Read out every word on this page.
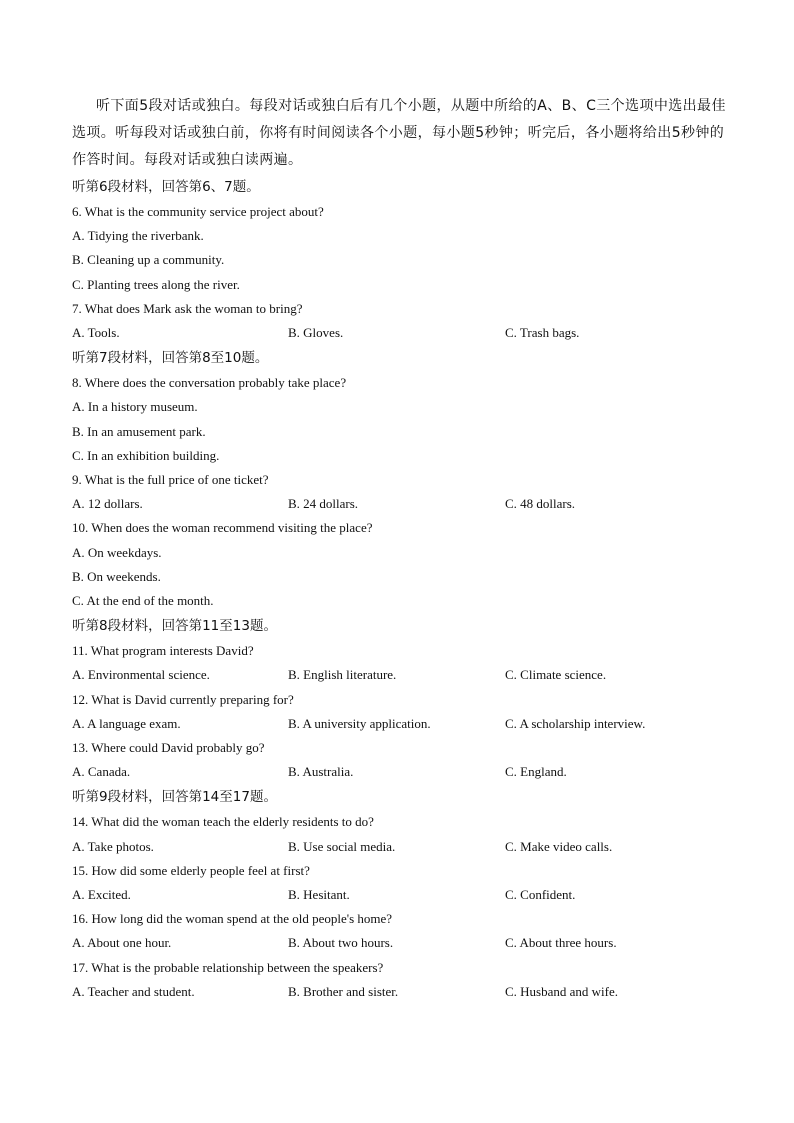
听下面5段对话或独白。每段对话或独白后有几个小题，从题中所给的A、B、C三个选项中选出最佳选项。听每段对话或独白前，你将有时间阅读各个小题，每小题5秒钟；听完后，各小题将给出5秒钟的作答时间。每段对话或独白读两遍。

听第6段材料，回答第6、7题。

6. What is the community service project about?

A. Tidying the riverbank.

B. Cleaning up a community.

C. Planting trees along the river.

7. What does Mark ask the woman to bring?

A. Tools.	B. Gloves.	C. Trash bags.

听第7段材料，回答第8至10题。

8. Where does the conversation probably take place?

A. In a history museum.

B. In an amusement park.

C. In an exhibition building.

9. What is the full price of one ticket?

A. 12 dollars.	B. 24 dollars.	C. 48 dollars.

10. When does the woman recommend visiting the place?

A. On weekdays.

B. On weekends.

C. At the end of the month.

听第8段材料，回答第11至13题。

11. What program interests David?

A. Environmental science.	B. English literature.	C. Climate science.

12. What is David currently preparing for?

A. A language exam.	B. A university application.	C. A scholarship interview.

13. Where could David probably go?

A. Canada.	B. Australia.	C. England.

听第9段材料，回答第14至17题。

14. What did the woman teach the elderly residents to do?

A. Take photos.	B. Use social media.	C. Make video calls.

15. How did some elderly people feel at first?

A. Excited.	B. Hesitant.	C. Confident.

16. How long did the woman spend at the old people's home?

A. About one hour.	B. About two hours.	C. About three hours.

17. What is the probable relationship between the speakers?

A. Teacher and student.	B. Brother and sister.	C. Husband and wife.
